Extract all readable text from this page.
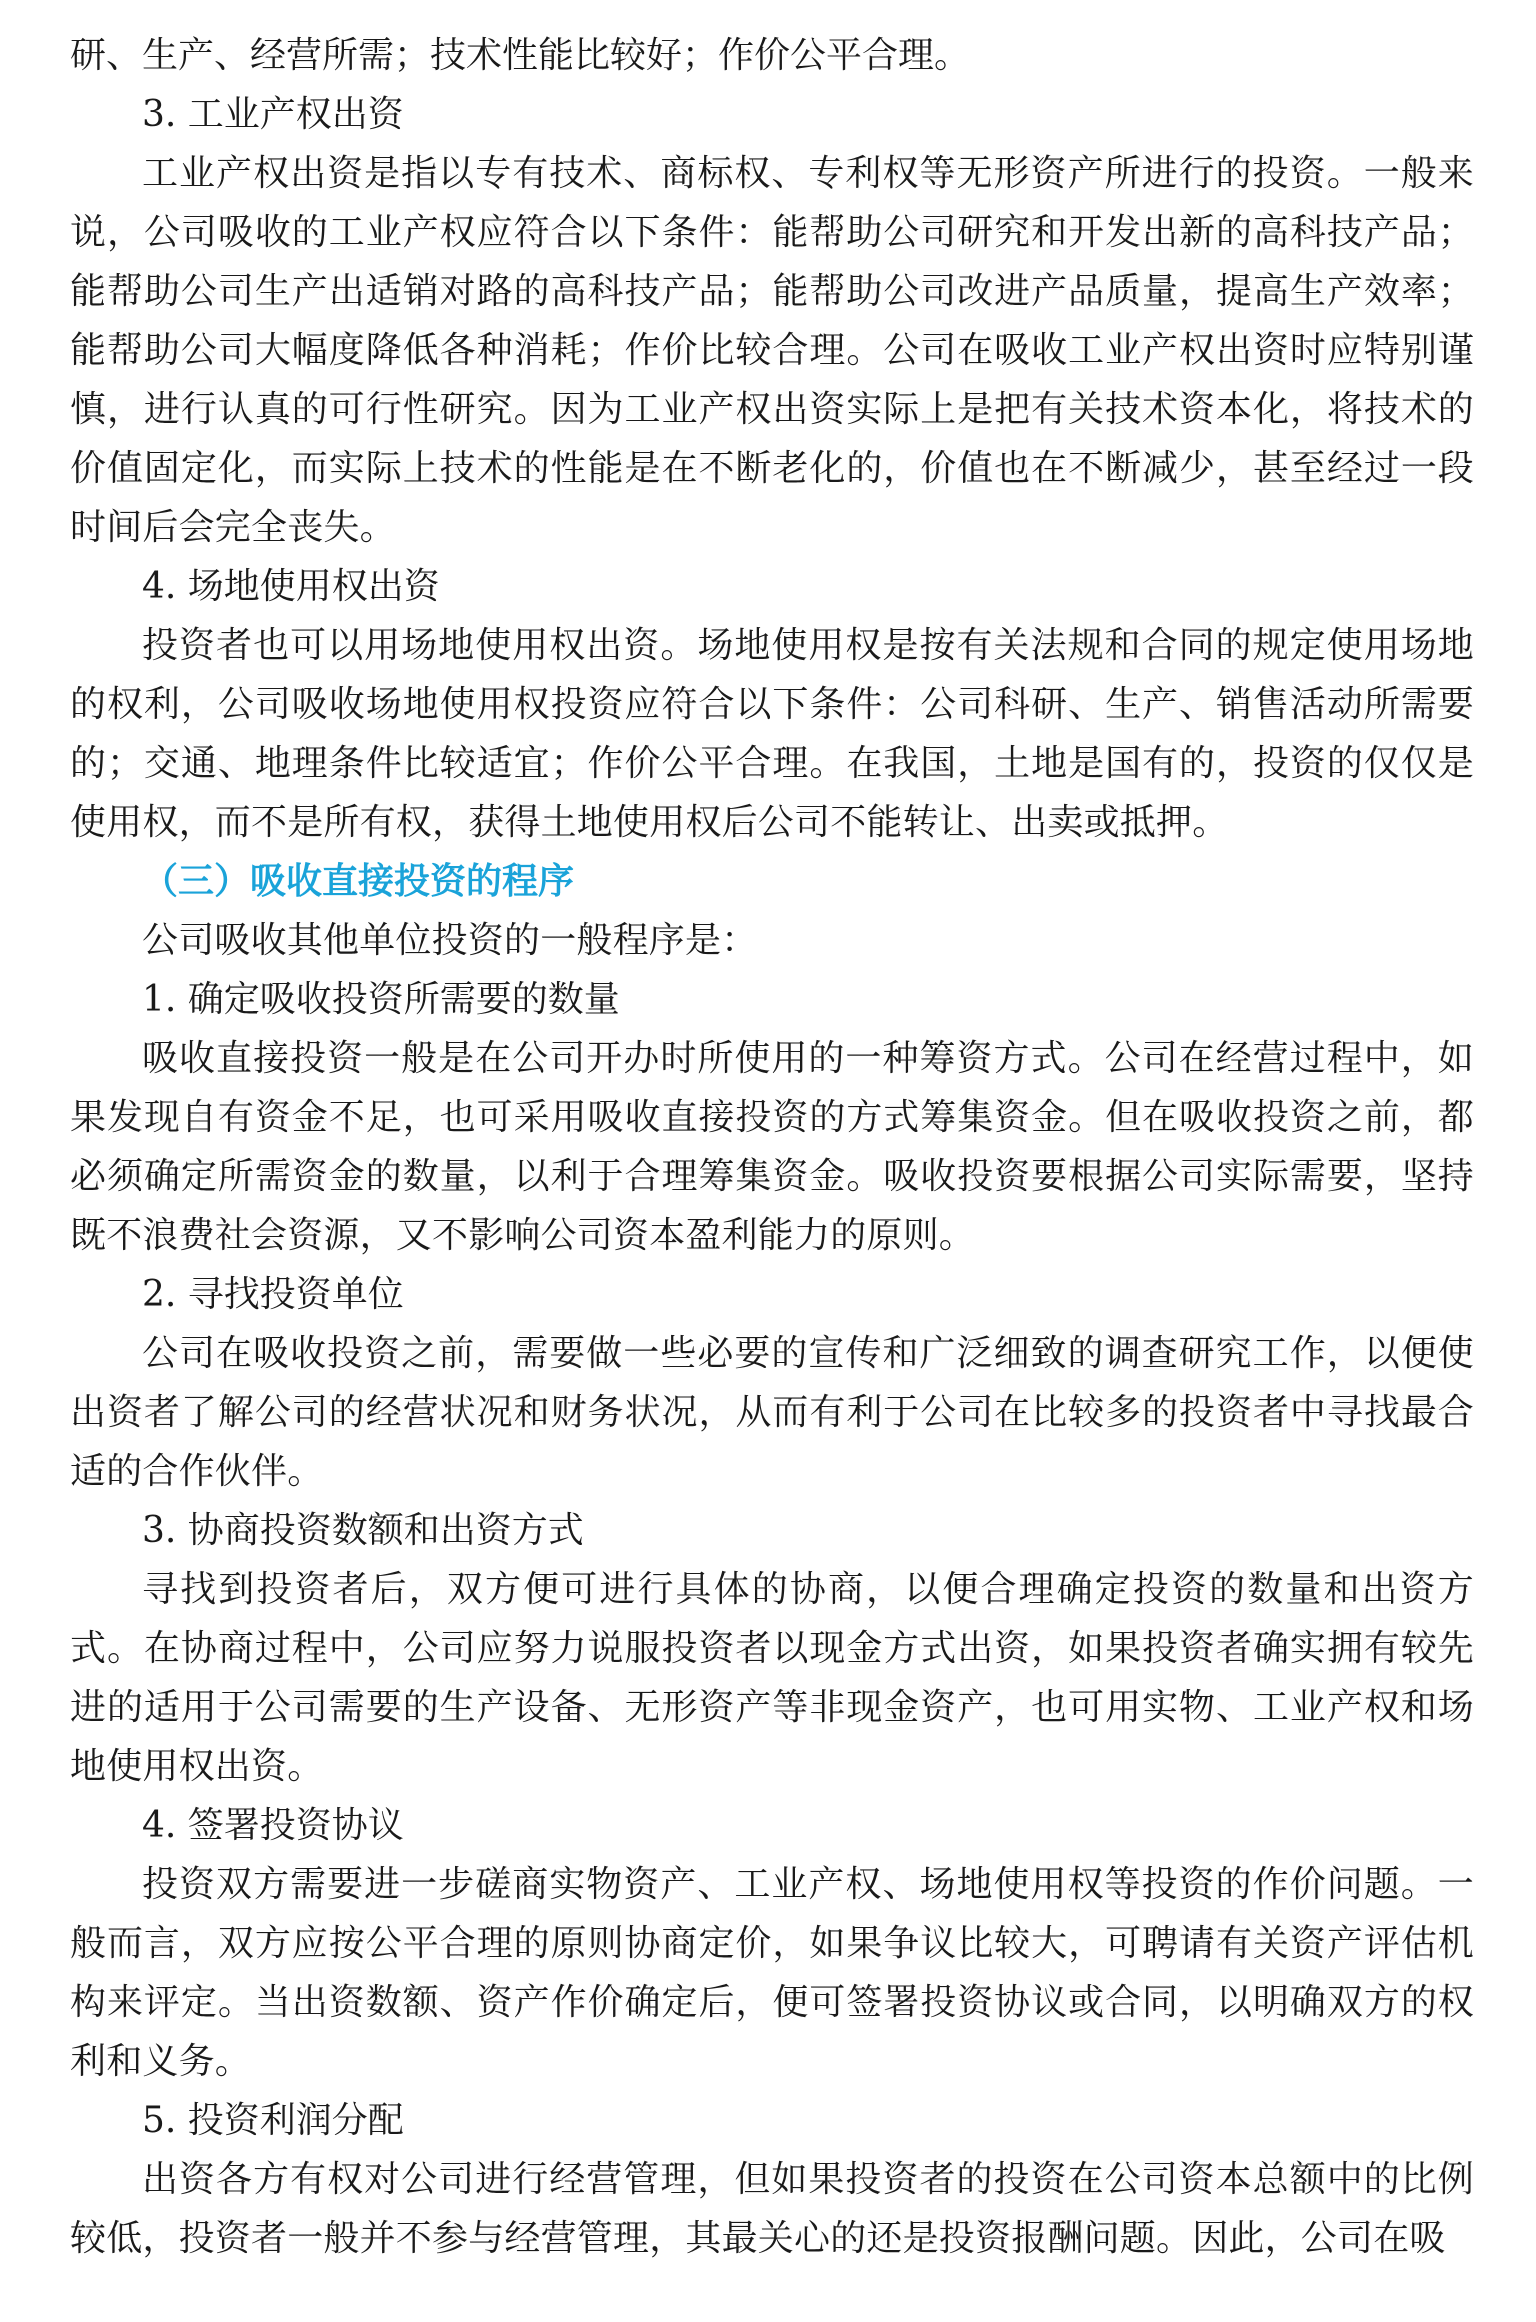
研、生产、经营所需；技术性能比较好；作价公平合理。

3. 工业产权出资

工业产权出资是指以专有技术、商标权、专利权等无形资产所进行的投资。一般来说，公司吸收的工业产权应符合以下条件：能帮助公司研究和开发出新的高科技产品；能帮助公司生产出适销对路的高科技产品；能帮助公司改进产品质量，提高生产效率；能帮助公司大幅度降低各种消耗；作价比较合理。公司在吸收工业产权出资时应特别谨慎，进行认真的可行性研究。因为工业产权出资实际上是把有关技术资本化，将技术的价值固定化，而实际上技术的性能是在不断老化的，价值也在不断减少，甚至经过一段时间后会完全丧失。

4. 场地使用权出资

投资者也可以用场地使用权出资。场地使用权是按有关法规和合同的规定使用场地的权利，公司吸收场地使用权投资应符合以下条件：公司科研、生产、销售活动所需要的；交通、地理条件比较适宜；作价公平合理。在我国，土地是国有的，投资的仅仅是使用权，而不是所有权，获得土地使用权后公司不能转让、出卖或抵押。

（三）吸收直接投资的程序

公司吸收其他单位投资的一般程序是：

1. 确定吸收投资所需要的数量

吸收直接投资一般是在公司开办时所使用的一种筹资方式。公司在经营过程中，如果发现自有资金不足，也可采用吸收直接投资的方式筹集资金。但在吸收投资之前，都必须确定所需资金的数量，以利于合理筹集资金。吸收投资要根据公司实际需要，坚持既不浪费社会资源，又不影响公司资本盈利能力的原则。

2. 寻找投资单位

公司在吸收投资之前，需要做一些必要的宣传和广泛细致的调查研究工作，以便使出资者了解公司的经营状况和财务状况，从而有利于公司在比较多的投资者中寻找最合适的合作伙伴。

3. 协商投资数额和出资方式

寻找到投资者后，双方便可进行具体的协商，以便合理确定投资的数量和出资方式。在协商过程中，公司应努力说服投资者以现金方式出资，如果投资者确实拥有较先进的适用于公司需要的生产设备、无形资产等非现金资产，也可用实物、工业产权和场地使用权出资。

4. 签署投资协议

投资双方需要进一步磋商实物资产、工业产权、场地使用权等投资的作价问题。一般而言，双方应按公平合理的原则协商定价，如果争议比较大，可聘请有关资产评估机构来评定。当出资数额、资产作价确定后，便可签署投资协议或合同，以明确双方的权利和义务。

5. 投资利润分配

出资各方有权对公司进行经营管理，但如果投资者的投资在公司资本总额中的比例较低，投资者一般并不参与经营管理，其最关心的还是投资报酬问题。因此，公司在吸
